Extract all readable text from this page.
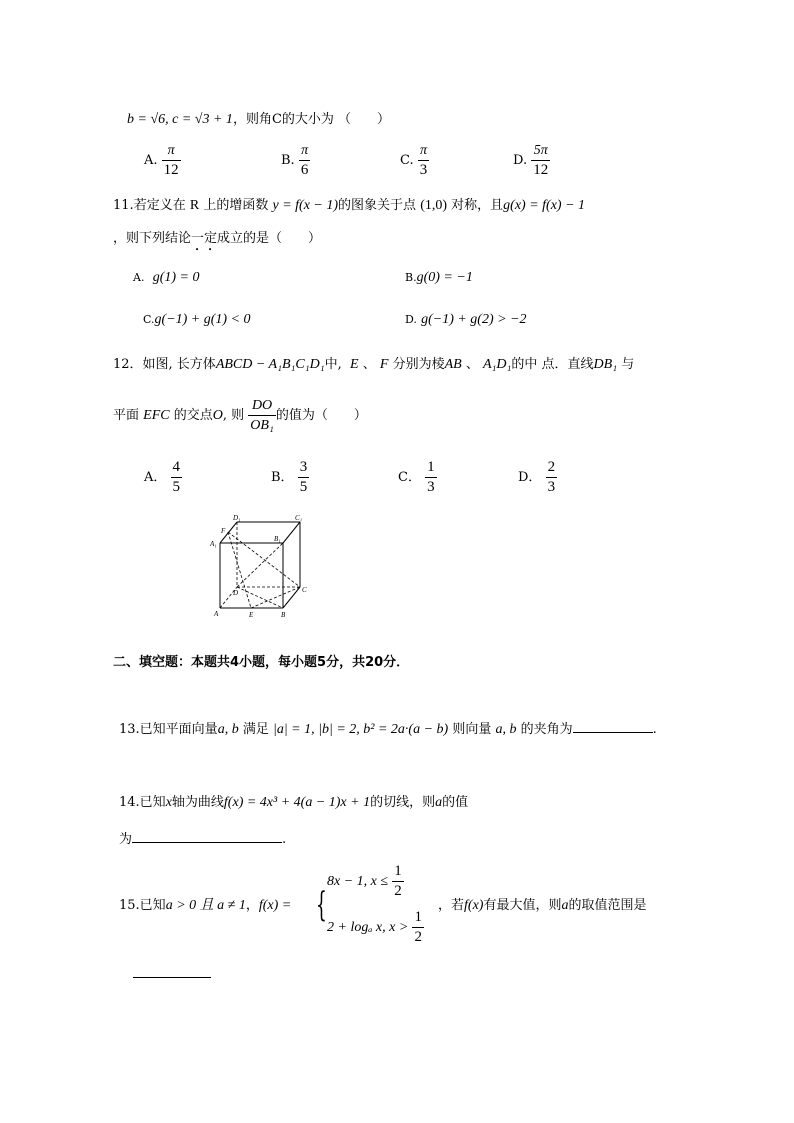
b = √6, c = √3 + 1，则角C的大小为 （　　）
A. $\frac{\pi}{12}$	B. $\frac{\pi}{6}$	C. $\frac{\pi}{3}$	D. $\frac{5\pi}{12}$
11.若定义在 R 上的增函数 y = f(x − 1)的图象关于点 (1,0) 对称，且g(x) = f(x) − 1
，则下列结论一定成立的是（　　）
A. g(1) = 0	B.g(0) = −1
C.g(−1) + g(1) < 0	D. g(−1) + g(2) > −2
12．如图, 长方体ABCD − A₁B₁C₁D₁中, E 、 F 分别为棱AB 、 A₁D₁的中 点．直线DB₁ 与
平面 EFC 的交点O, 则 $\frac{DO}{\text{OB₁}}$ 的值为（　　）
A． $\frac{4}{5}$	B． $\frac{3}{5}$	C． $\frac{1}{3}$	D． $\frac{2}{3}$
D₁	C₁
F
A₁
B₁
D	C
A	E	B
二、填空题：本题共4小题，每小题5分，共20分．
13.已知平面向量a, b 满足 |a| = 1, |b| = 2, b² = 2a·(a − b) 则向量 a, b 的夹角为	.
14.已知x轴为曲线f(x) = 4x³ + 4(a − 1)x + 1的切线，则a的值
为	.
15.已知a > 0 且 a ≠ 1，f(x) = {
8x − 1, $x \le \frac{1}{2}$
2 + logₐ x, $x > \frac{1}{2}$
，若f(x)有最大值，则a的取值范围是
